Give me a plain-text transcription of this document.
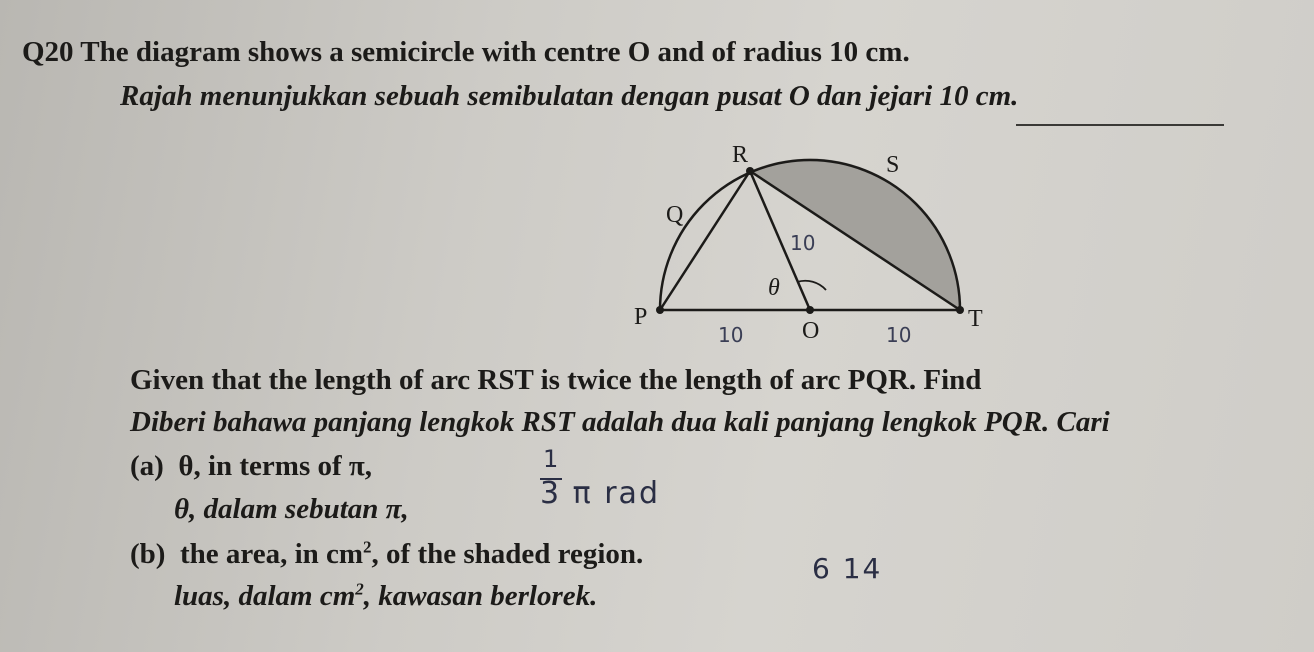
Q20 The diagram shows a semicircle with centre O and of radius 10 cm.
Rajah menunjukkan sebuah semibulatan dengan pusat O dan jejari 10 cm.
R	S
Q
P
O	T
θ
10
10	10
Given that the length of arc RST is twice the length of arc PQR. Find
Diberi bahawa panjang lengkok RST adalah dua kali panjang lengkok PQR. Cari
(a) θ, in terms of π,
θ, dalam sebutan π,
(b) the area, in $cm^2$, of the shaded region.
luas, dalam $cm^2$, kawasan berlorek.
1
3 π rad
6 14
